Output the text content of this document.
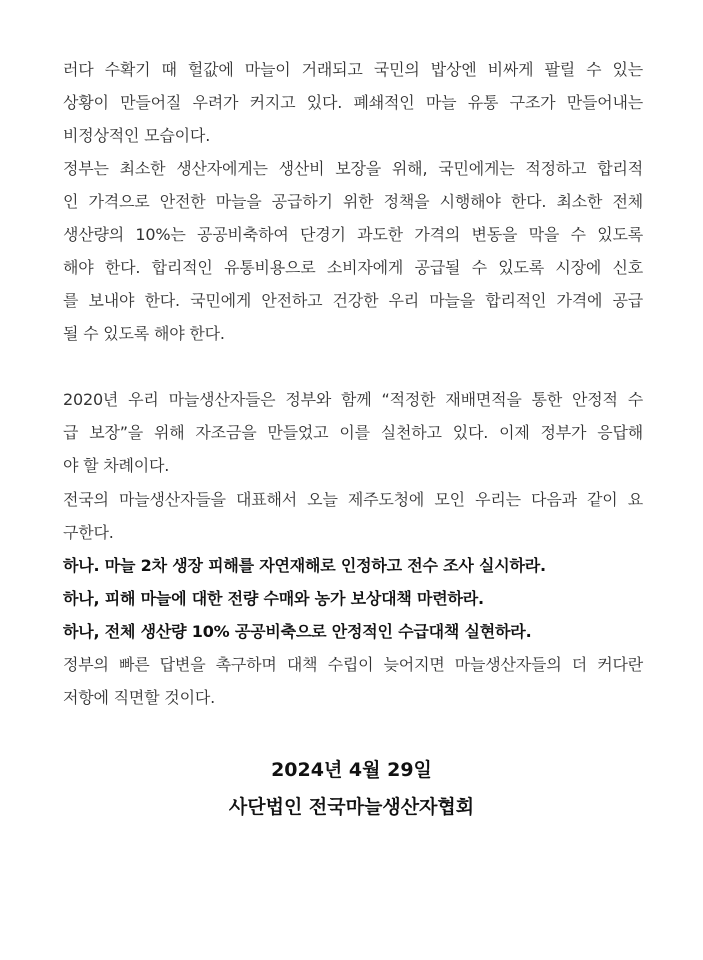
러다 수확기 때 헐값에 마늘이 거래되고 국민의 밥상엔 비싸게 팔릴 수 있는
상황이 만들어질 우려가 커지고 있다. 폐쇄적인 마늘 유통 구조가 만들어내는
비정상적인 모습이다.
정부는 최소한 생산자에게는 생산비 보장을 위해, 국민에게는 적정하고 합리적
인 가격으로 안전한 마늘을 공급하기 위한 정책을 시행해야 한다. 최소한 전체
생산량의 10%는 공공비축하여 단경기 과도한 가격의 변동을 막을 수 있도록
해야 한다. 합리적인 유통비용으로 소비자에게 공급될 수 있도록 시장에 신호
를 보내야 한다. 국민에게 안전하고 건강한 우리 마늘을 합리적인 가격에 공급
될 수 있도록 해야 한다.
2020년 우리 마늘생산자들은 정부와 함께 “적정한 재배면적을 통한 안정적 수
급 보장”을 위해 자조금을 만들었고 이를 실천하고 있다. 이제 정부가 응답해
야 할 차례이다.
전국의 마늘생산자들을 대표해서 오늘 제주도청에 모인 우리는 다음과 같이 요
구한다.
하나. 마늘 2차 생장 피해를 자연재해로 인정하고 전수 조사 실시하라.
하나, 피해 마늘에 대한 전량 수매와 농가 보상대책 마련하라.
하나, 전체 생산량 10% 공공비축으로 안정적인 수급대책 실현하라.
정부의 빠른 답변을 촉구하며 대책 수립이 늦어지면 마늘생산자들의 더 커다란
저항에 직면할 것이다.
2024년 4월 29일
사단법인 전국마늘생산자협회
